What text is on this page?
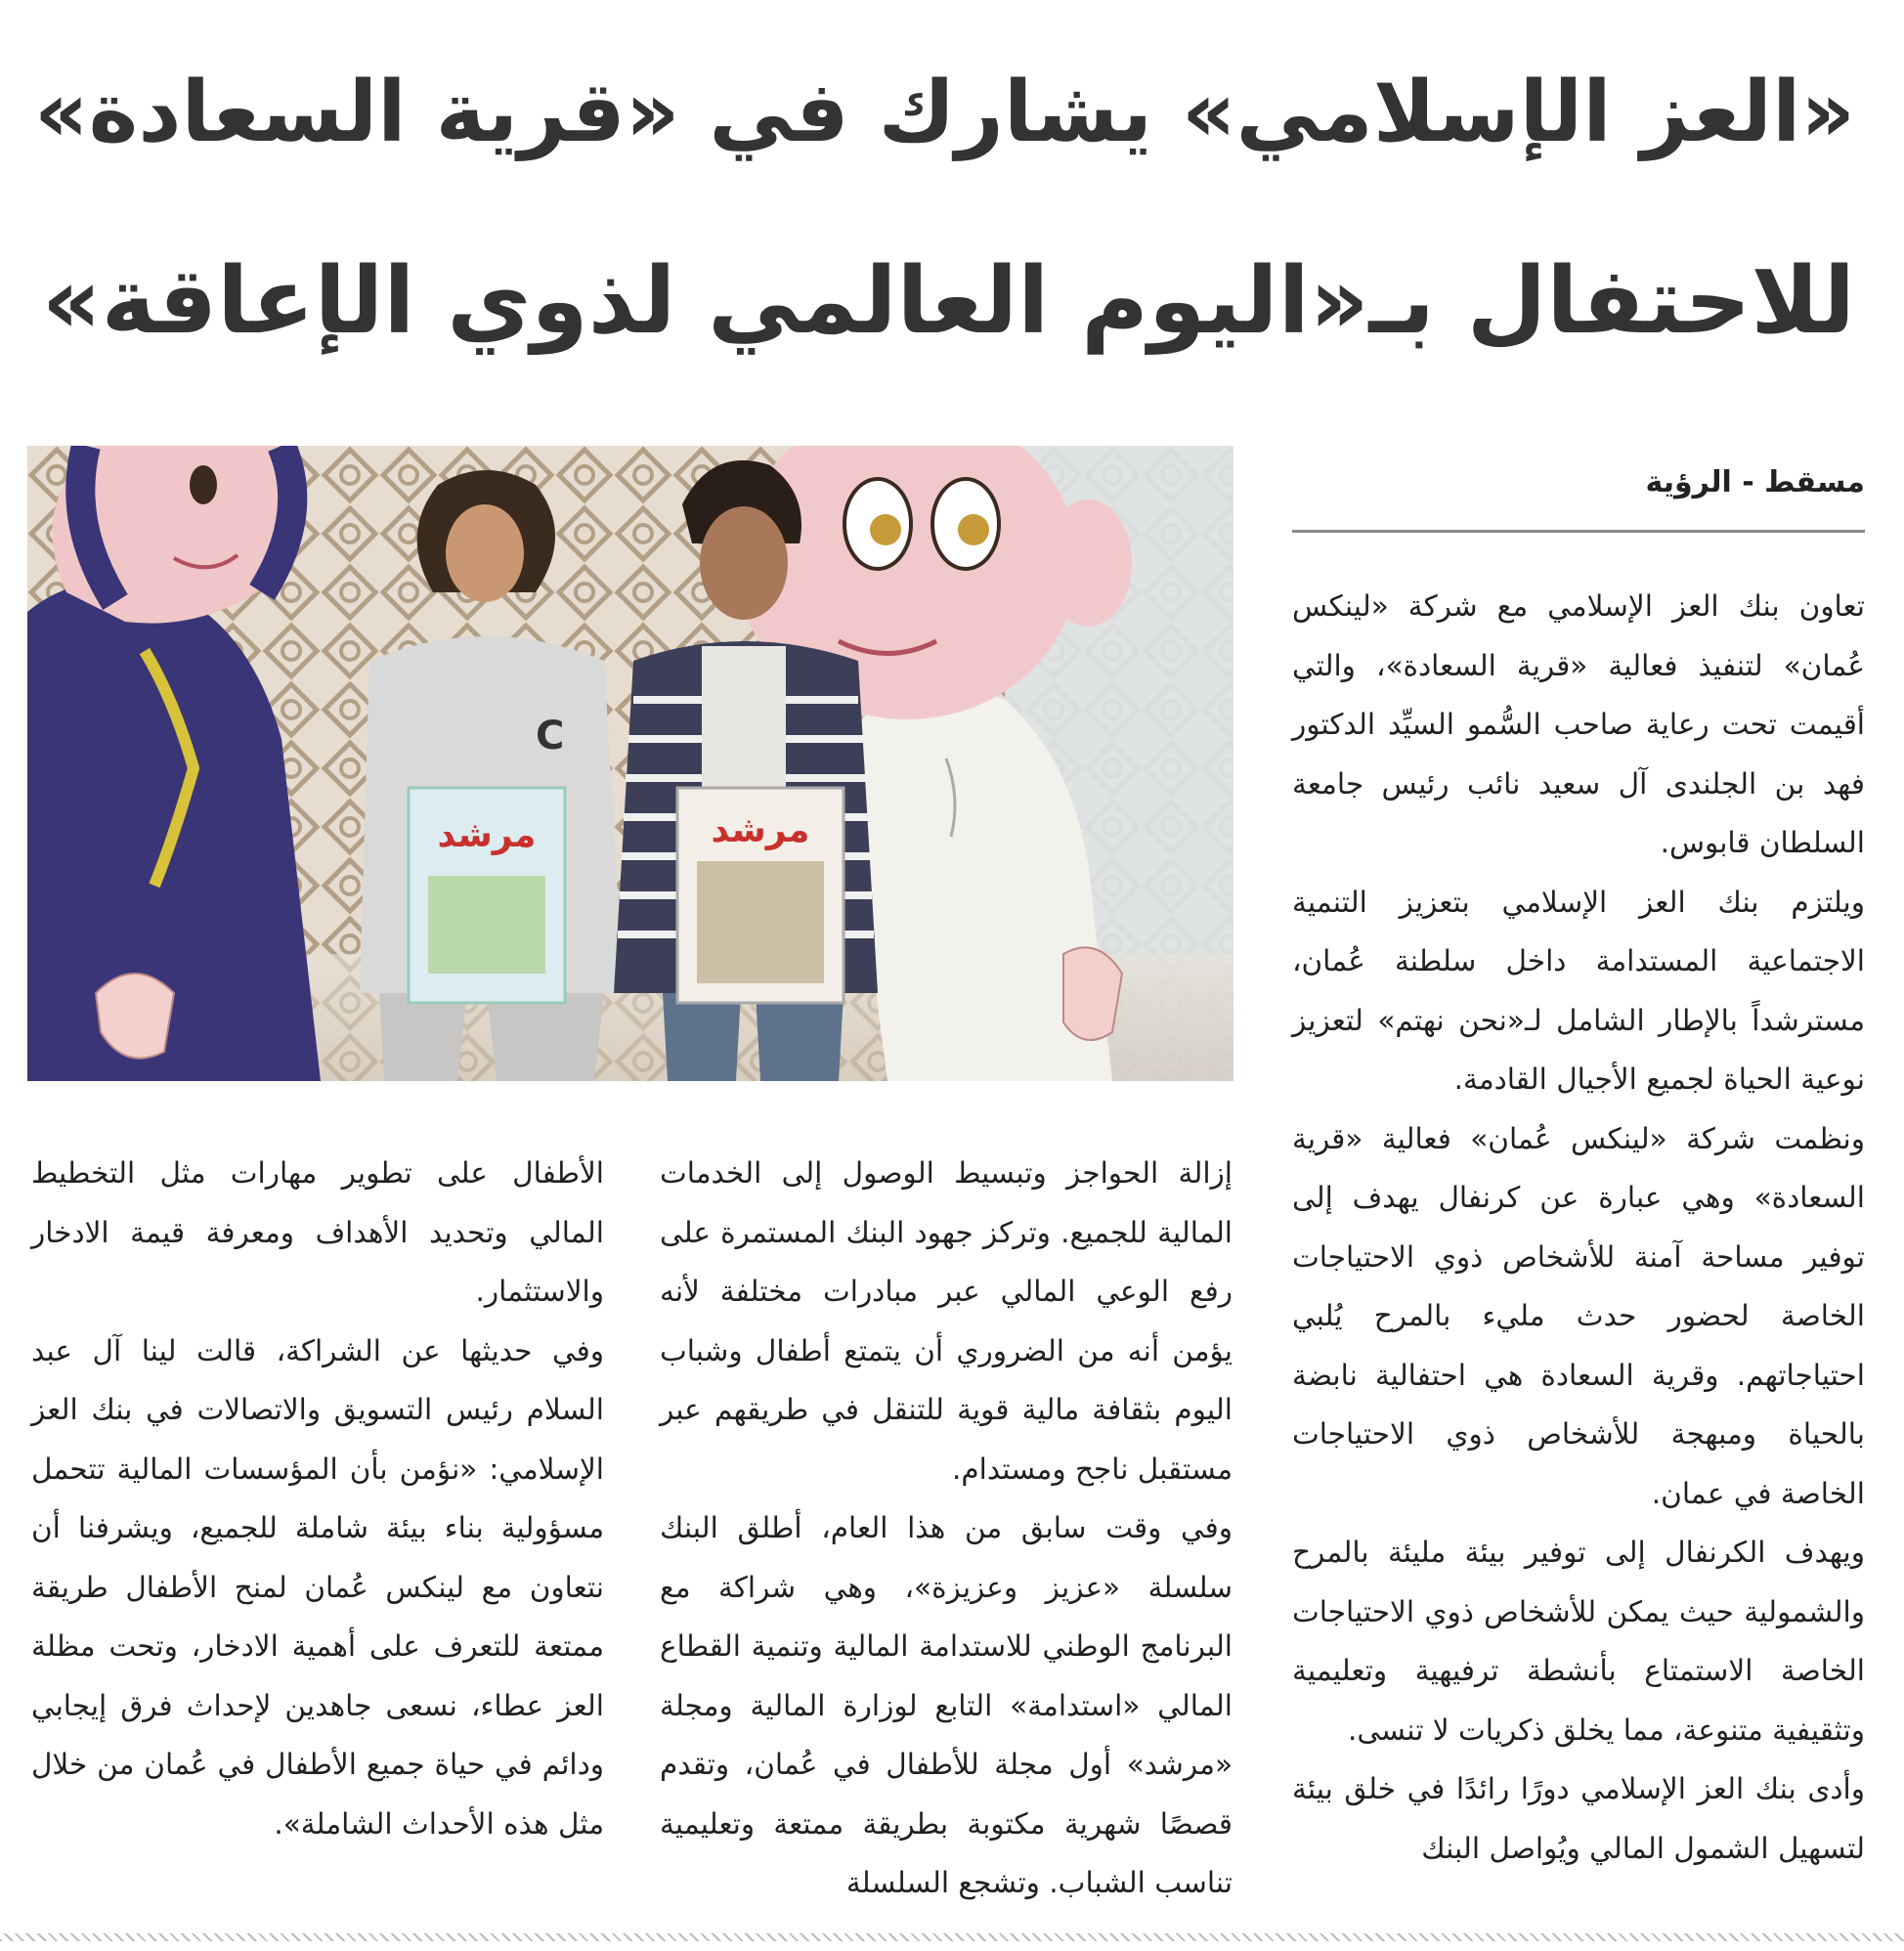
«العز الإسلامي» يشارك في «قرية السعادة»
للاحتفال بـ«اليوم العالمي لذوي الإعاقة»
C
مرشد	مرشد
مسقط - الرؤية

تعاون بنك العز الإسلامي مع شركة «لينكس عُمان» لتنفيذ فعالية «قرية السعادة»، والتي أقيمت تحت رعاية صاحب السُّمو السيِّد الدكتور فهد بن الجلندى آل سعيد نائب رئيس جامعة السلطان قابوس.

ويلتزم بنك العز الإسلامي بتعزيز التنمية الاجتماعية المستدامة داخل سلطنة عُمان، مسترشداً بالإطار الشامل لـ«نحن نهتم» لتعزيز نوعية الحياة لجميع الأجيال القادمة.

ونظمت شركة «لينكس عُمان» فعالية «قرية السعادة» وهي عبارة عن كرنفال يهدف إلى توفير مساحة آمنة للأشخاص ذوي الاحتياجات الخاصة لحضور حدث مليء بالمرح يُلبي احتياجاتهم. وقرية السعادة هي احتفالية نابضة بالحياة ومبهجة للأشخاص ذوي الاحتياجات الخاصة في عمان.

ويهدف الكرنفال إلى توفير بيئة مليئة بالمرح والشمولية حيث يمكن للأشخاص ذوي الاحتياجات الخاصة الاستمتاع بأنشطة ترفيهية وتعليمية وتثقيفية متنوعة، مما يخلق ذكريات لا تنسى.

وأدى بنك العز الإسلامي دورًا رائدًا في خلق بيئة لتسهيل الشمول المالي ويُواصل البنك

إزالة الحواجز وتبسيط الوصول إلى الخدمات المالية للجميع. وتركز جهود البنك المستمرة على رفع الوعي المالي عبر مبادرات مختلفة لأنه يؤمن أنه من الضروري أن يتمتع أطفال وشباب اليوم بثقافة مالية قوية للتنقل في طريقهم عبر مستقبل ناجح ومستدام.

وفي وقت سابق من هذا العام، أطلق البنك سلسلة «عزيز وعزيزة»، وهي شراكة مع البرنامج الوطني للاستدامة المالية وتنمية القطاع المالي «استدامة» التابع لوزارة المالية ومجلة «مرشد» أول مجلة للأطفال في عُمان، وتقدم قصصًا شهرية مكتوبة بطريقة ممتعة وتعليمية تناسب الشباب. وتشجع السلسلة

الأطفال على تطوير مهارات مثل التخطيط المالي وتحديد الأهداف ومعرفة قيمة الادخار والاستثمار.

وفي حديثها عن الشراكة، قالت لينا آل عبد السلام رئيس التسويق والاتصالات في بنك العز الإسلامي: «نؤمن بأن المؤسسات المالية تتحمل مسؤولية بناء بيئة شاملة للجميع، ويشرفنا أن نتعاون مع لينكس عُمان لمنح الأطفال طريقة ممتعة للتعرف على أهمية الادخار، وتحت مظلة العز عطاء، نسعى جاهدين لإحداث فرق إيجابي ودائم في حياة جميع الأطفال في عُمان من خلال مثل هذه الأحداث الشاملة».
